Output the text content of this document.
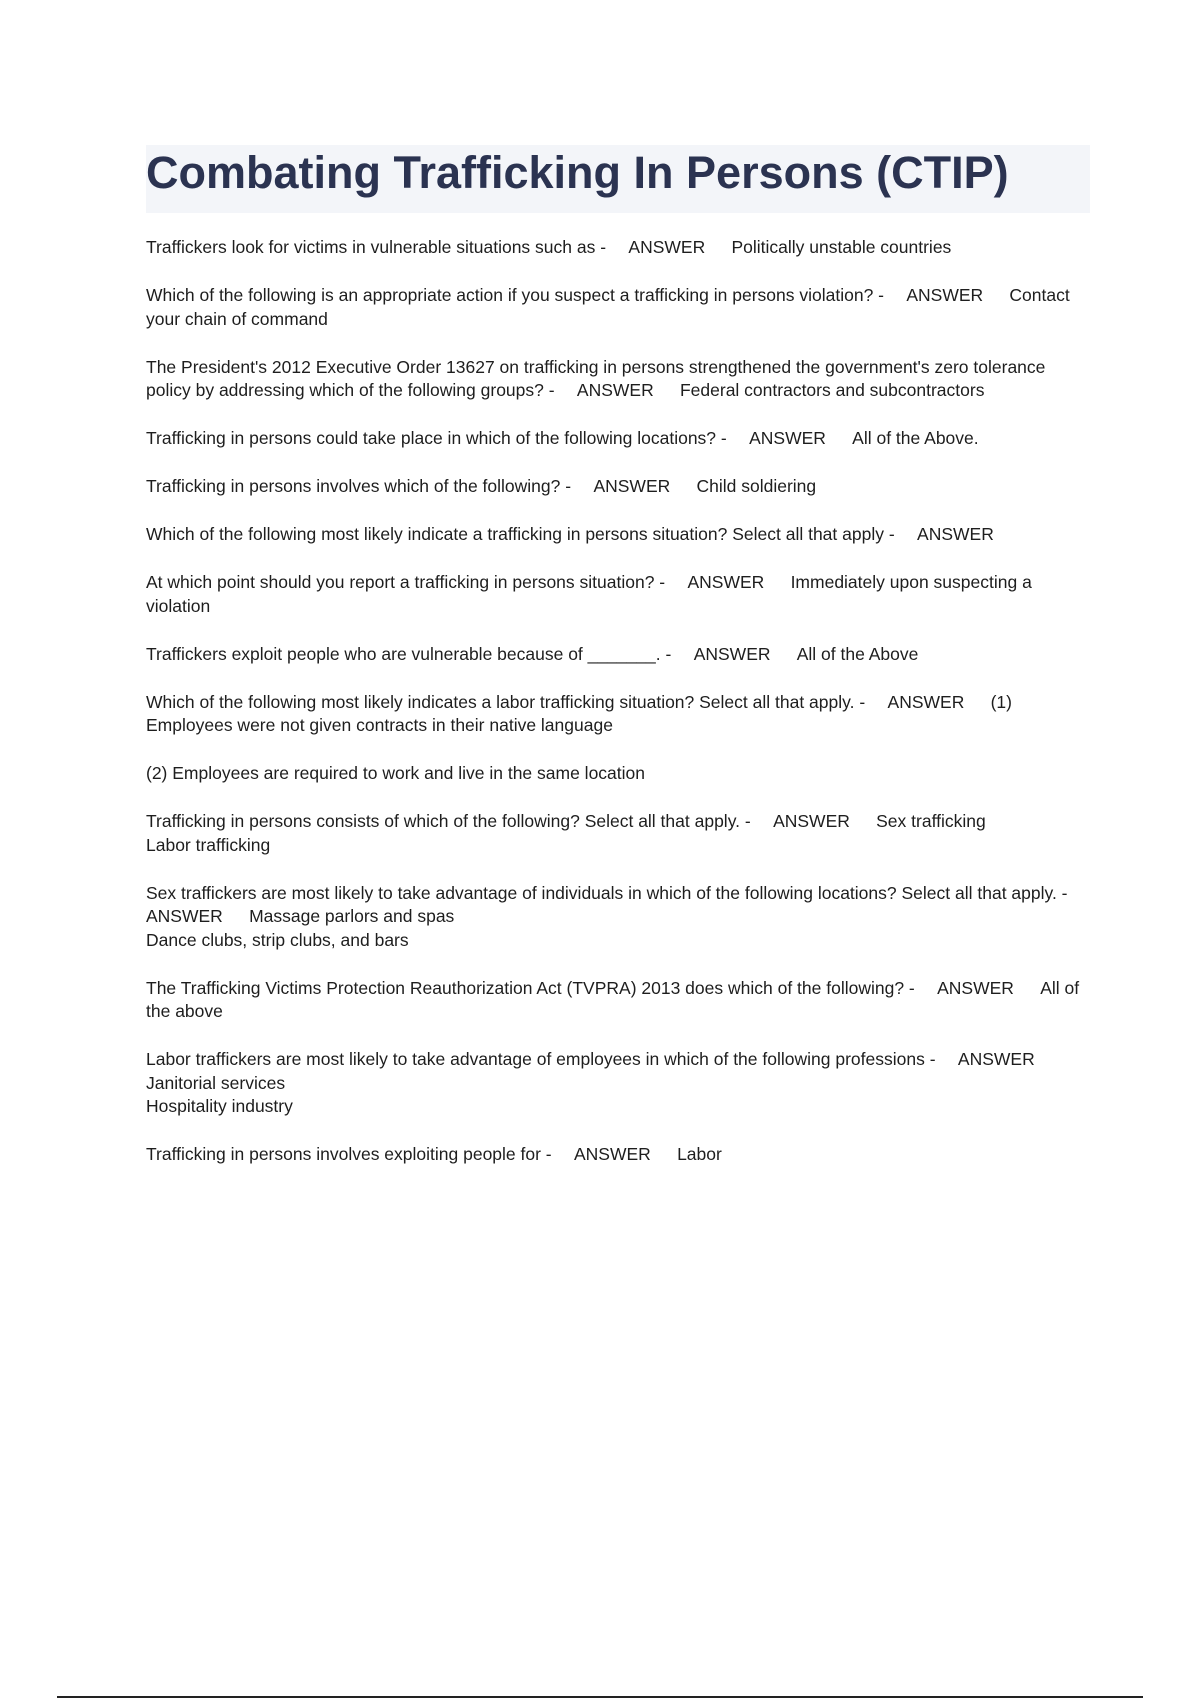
Combating Trafficking In Persons (CTIP)

Traffickers look for victims in vulnerable situations such as -   ANSWER  Politically unstable countries

Which of the following is an appropriate action if you suspect a trafficking in persons violation? -   ANSWER  Contact your chain of command

The President's 2012 Executive Order 13627 on trafficking in persons strengthened the government's zero tolerance policy by addressing which of the following groups? -   ANSWER  Federal contractors and subcontractors

Trafficking in persons could take place in which of the following locations? -   ANSWER  All of the Above.

Trafficking in persons involves which of the following? -   ANSWER  Child soldiering

Which of the following most likely indicate a trafficking in persons situation? Select all that apply -   ANSWER  

At which point should you report a trafficking in persons situation? -   ANSWER  Immediately upon suspecting a violation

Traffickers exploit people who are vulnerable because of _______. -   ANSWER  All of the Above

Which of the following most likely indicates a labor trafficking situation? Select all that apply. -   ANSWER  (1) Employees were not given contracts in their native language

(2) Employees are required to work and live in the same location

Trafficking in persons consists of which of the following? Select all that apply. -   ANSWER  Sex trafficking
Labor trafficking

Sex traffickers are most likely to take advantage of individuals in which of the following locations? Select all that apply. -   ANSWER  Massage parlors and spas
Dance clubs, strip clubs, and bars

The Trafficking Victims Protection Reauthorization Act (TVPRA) 2013 does which of the following? -   ANSWER  All of the above

Labor traffickers are most likely to take advantage of employees in which of the following professions -   ANSWER  Janitorial services
Hospitality industry

Trafficking in persons involves exploiting people for -   ANSWER  Labor
